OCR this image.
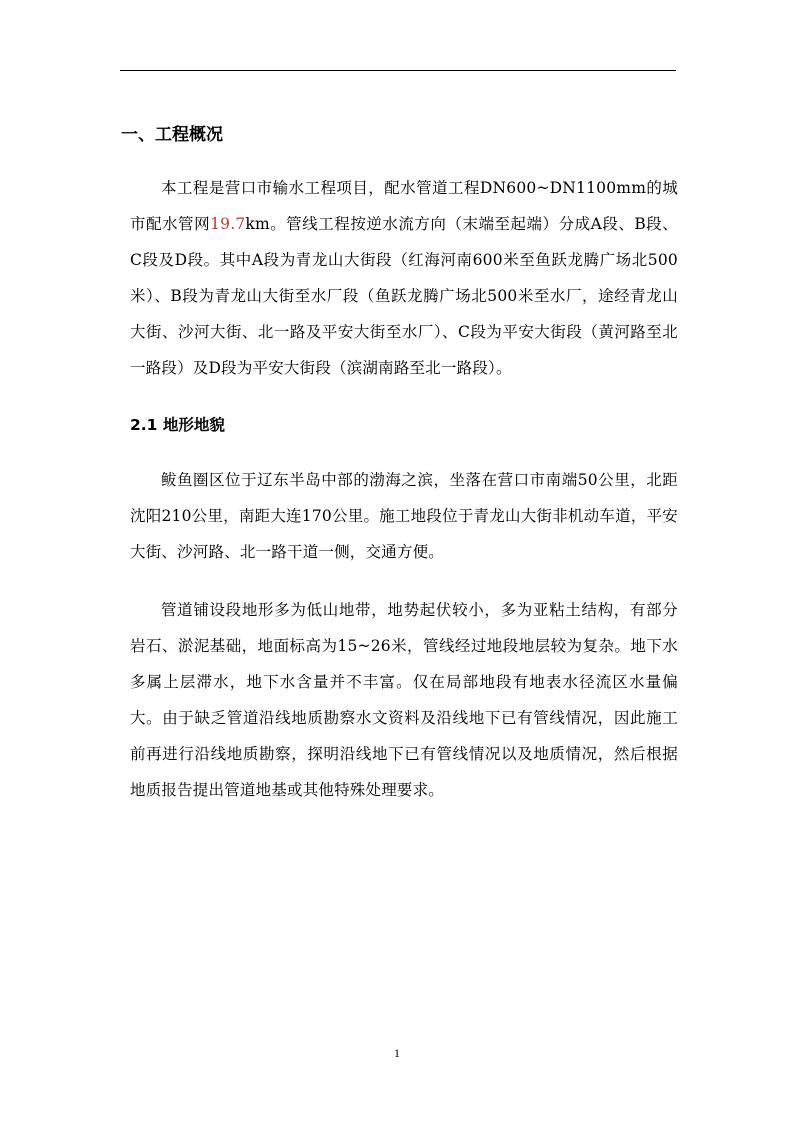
一、工程概况

本工程是营口市输水工程项目，配水管道工程DN600~DN1100mm的城市配水管网19.7km。管线工程按逆水流方向（末端至起端）分成A段、B段、C段及D段。其中A段为青龙山大街段（红海河南600米至鱼跃龙腾广场北500米）、B段为青龙山大街至水厂段（鱼跃龙腾广场北500米至水厂，途经青龙山大街、沙河大街、北一路及平安大街至水厂）、C段为平安大街段（黄河路至北一路段）及D段为平安大街段（滨湖南路至北一路段）。

2.1 地形地貌

鲅鱼圈区位于辽东半岛中部的渤海之滨，坐落在营口市南端50公里，北距沈阳210公里，南距大连170公里。施工地段位于青龙山大街非机动车道，平安大街、沙河路、北一路干道一侧，交通方便。

管道铺设段地形多为低山地带，地势起伏较小，多为亚粘土结构，有部分岩石、淤泥基础，地面标高为15~26米，管线经过地段地层较为复杂。地下水多属上层滞水，地下水含量并不丰富。仅在局部地段有地表水径流区水量偏大。由于缺乏管道沿线地质勘察水文资料及沿线地下已有管线情况，因此施工前再进行沿线地质勘察，探明沿线地下已有管线情况以及地质情况，然后根据地质报告提出管道地基或其他特殊处理要求。

1
